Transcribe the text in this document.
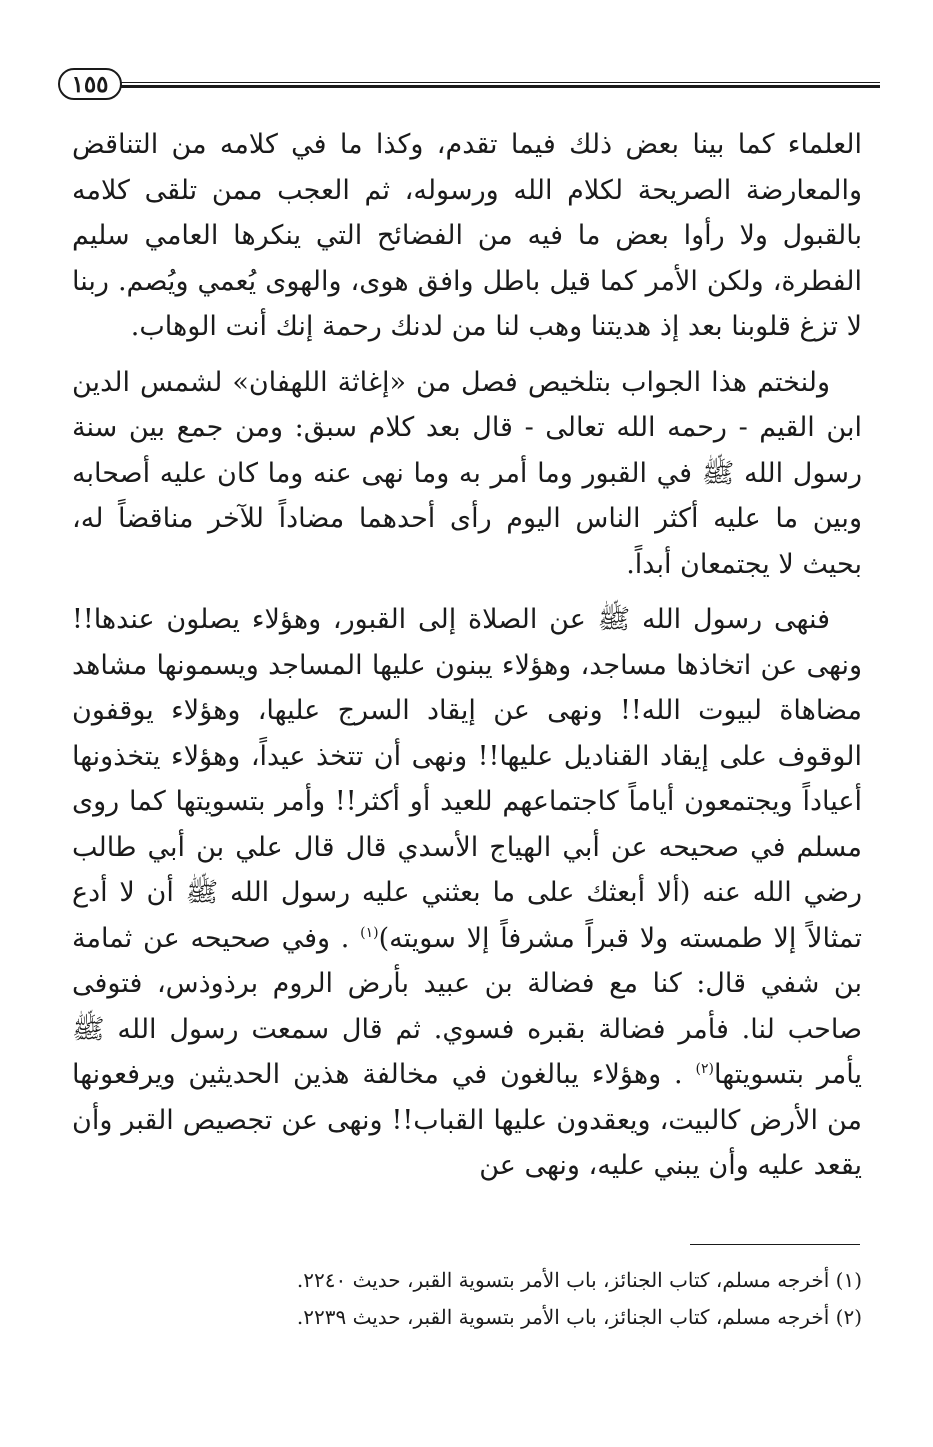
١٥٥

العلماء كما بينا بعض ذلك فيما تقدم، وكذا ما في كلامه من التناقض والمعارضة الصريحة لكلام الله ورسوله، ثم العجب ممن تلقى كلامه بالقبول ولا رأوا بعض ما فيه من الفضائح التي ينكرها العامي سليم الفطرة، ولكن الأمر كما قيل باطل وافق هوى، والهوى يُعمي ويُصم. ربنا لا تزغ قلوبنا بعد إذ هديتنا وهب لنا من لدنك رحمة إنك أنت الوهاب.

ولنختم هذا الجواب بتلخيص فصل من «إغاثة اللهفان» لشمس الدين ابن القيم - رحمه الله تعالى - قال بعد كلام سبق: ومن جمع بين سنة رسول الله ﷺ في القبور وما أمر به وما نهى عنه وما كان عليه أصحابه وبين ما عليه أكثر الناس اليوم رأى أحدهما مضاداً للآخر مناقضاً له، بحيث لا يجتمعان أبداً.

فنهى رسول الله ﷺ عن الصلاة إلى القبور، وهؤلاء يصلون عندها!! ونهى عن اتخاذها مساجد، وهؤلاء يبنون عليها المساجد ويسمونها مشاهد مضاهاة لبيوت الله!! ونهى عن إيقاد السرج عليها، وهؤلاء يوقفون الوقوف على إيقاد القناديل عليها!! ونهى أن تتخذ عيداً، وهؤلاء يتخذونها أعياداً ويجتمعون أياماً كاجتماعهم للعيد أو أكثر!! وأمر بتسويتها كما روى مسلم في صحيحه عن أبي الهياج الأسدي قال قال علي بن أبي طالب رضي الله عنه (ألا أبعثك على ما بعثني عليه رسول الله ﷺ أن لا أدع تمثالاً إلا طمسته ولا قبراً مشرفاً إلا سويته)$^{(١)}$ . وفي صحيحه عن ثمامة بن شفي قال: كنا مع فضالة بن عبيد بأرض الروم برذوذس، فتوفى صاحب لنا. فأمر فضالة بقبره فسوي. ثم قال سمعت رسول الله ﷺ يأمر بتسويتها$^{(٢)}$ . وهؤلاء يبالغون في مخالفة هذين الحديثين ويرفعونها من الأرض كالبيت، ويعقدون عليها القباب!! ونهى عن تجصيص القبر وأن يقعد عليه وأن يبني عليه، ونهى عن

(١) أخرجه مسلم، كتاب الجنائز، باب الأمر بتسوية القبر، حديث ٢٢٤٠.

(٢) أخرجه مسلم، كتاب الجنائز، باب الأمر بتسوية القبر، حديث ٢٢٣٩.
